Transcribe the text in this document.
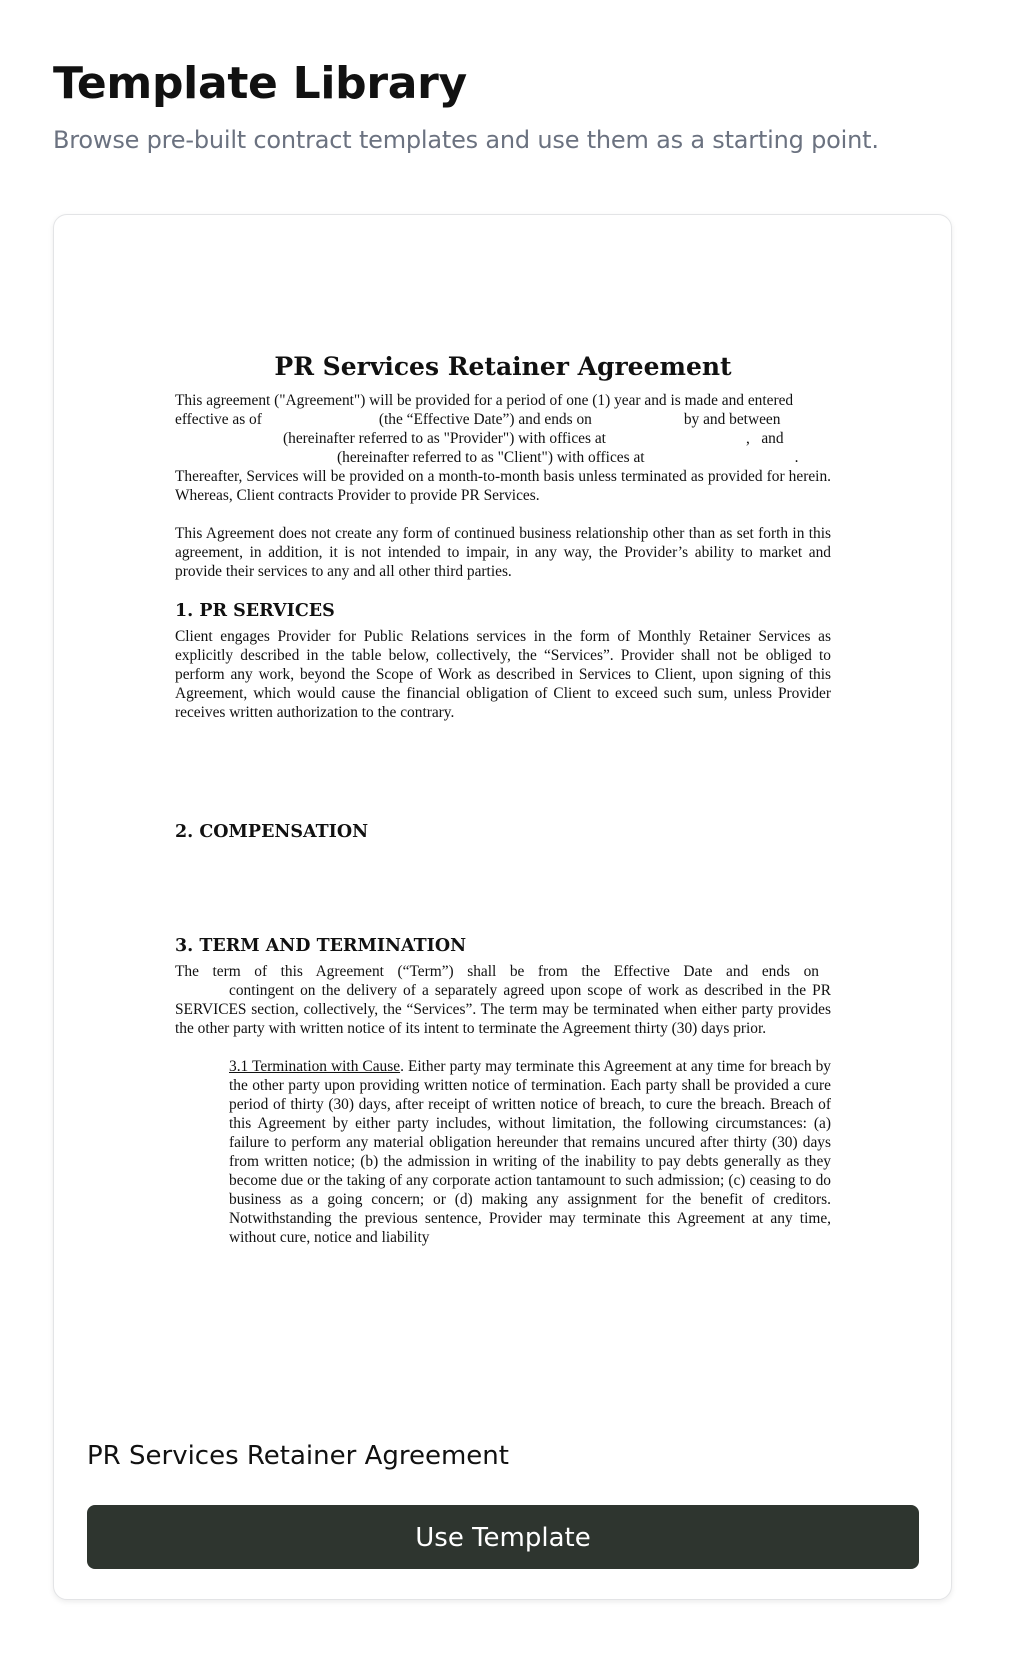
Template Library
Browse pre-built contract templates and use them as a starting point.
PR Services Retainer Agreement
This agreement ("Agreement") will be provided for a period of one (1) year and is made and entered
effective as of	(the “Effective Date”) and ends on	by and between
(hereinafter referred to as "Provider") with offices at	,   and
(hereinafter referred to as "Client") with offices at	.
Thereafter, Services will be provided on a month-to-month basis unless terminated as provided for herein. Whereas, Client contracts Provider to provide PR Services.
This Agreement does not create any form of continued business relationship other than as set forth in this agreement, in addition, it is not intended to impair, in any way, the Provider’s ability to market and provide their services to any and all other third parties.
1. PR SERVICES
Client engages Provider for Public Relations services in the form of Monthly Retainer Services as explicitly described in the table below, collectively, the “Services”. Provider shall not be obliged to perform any work, beyond the Scope of Work as described in Services to Client, upon signing of this Agreement, which would cause the financial obligation of Client to exceed such sum, unless Provider receives written authorization to the contrary.
2. COMPENSATION
3. TERM AND TERMINATION
The term of this Agreement (“Term”) shall be from the Effective Date and ends on
contingent on the delivery of a separately agreed upon scope of work as described in the PR SERVICES section, collectively, the “Services”. The term may be terminated when either party provides the other party with written notice of its intent to terminate the Agreement thirty (30) days prior.
3.1 Termination with Cause. Either party may terminate this Agreement at any time for breach by the other party upon providing written notice of termination. Each party shall be provided a cure period of thirty (30) days, after receipt of written notice of breach, to cure the breach. Breach of this Agreement by either party includes, without limitation, the following circumstances: (a) failure to perform any material obligation hereunder that remains uncured after thirty (30) days from written notice; (b) the admission in writing of the inability to pay debts generally as they become due or the taking of any corporate action tantamount to such admission; (c) ceasing to do business as a going concern; or (d) making any assignment for the benefit of creditors. Notwithstanding the previous sentence, Provider may terminate this Agreement at any time, without cure, notice and liability
PR Services Retainer Agreement
Use Template
